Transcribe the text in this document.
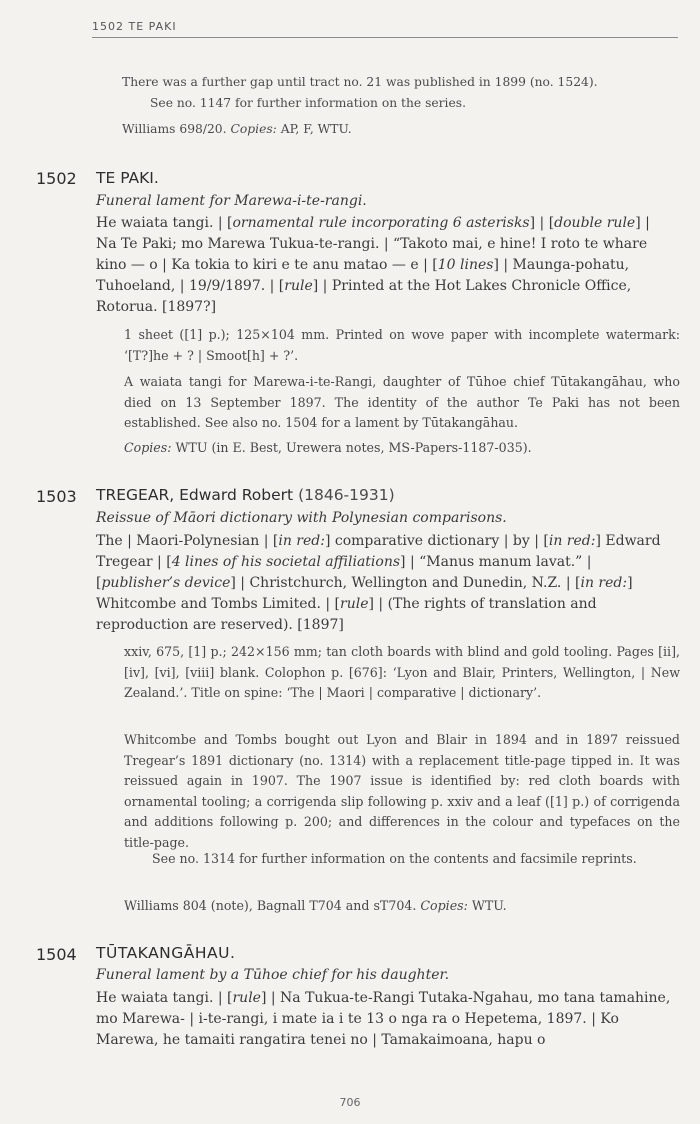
1502 TE PAKI
There was a further gap until tract no. 21 was published in 1899 (no. 1524).
See no. 1147 for further information on the series.
Williams 698/20. Copies: AP, F, WTU.
1502 TE PAKI.
Funeral lament for Marewa-i-te-rangi.
He waiata tangi. | [ornamental rule incorporating 6 asterisks] | [double rule] | Na Te Paki; mo Marewa Tukua-te-rangi. | “Takoto mai, e hine! I roto te whare kino — o | Ka tokia to kiri e te anu matao — e | [10 lines] | Maunga-pohatu, Tuhoeland, | 19/9/1897. | [rule] | Printed at the Hot Lakes Chronicle Office, Rotorua. [1897?]
1 sheet ([1] p.); 125×104 mm. Printed on wove paper with incomplete watermark: ‘[T?]he + ? | Smoot[h] + ?’.
A waiata tangi for Marewa-i-te-Rangi, daughter of Tūhoe chief Tūtakangāhau, who died on 13 September 1897. The identity of the author Te Paki has not been established. See also no. 1504 for a lament by Tūtakangāhau.
Copies: WTU (in E. Best, Urewera notes, MS-Papers-1187-035).
1503 TREGEAR, Edward Robert (1846-1931)
Reissue of Māori dictionary with Polynesian comparisons.
The | Maori-Polynesian | [in red:] comparative dictionary | by | [in red:] Edward Tregear | [4 lines of his societal affiliations] | “Manus manum lavat.” | [publisher’s device] | Christchurch, Wellington and Dunedin, N.Z. | [in red:] Whitcombe and Tombs Limited. | [rule] | (The rights of translation and reproduction are reserved). [1897]
xxiv, 675, [1] p.; 242×156 mm; tan cloth boards with blind and gold tooling. Pages [ii], [iv], [vi], [viii] blank. Colophon p. [676]: ‘Lyon and Blair, Printers, Wellington, | New Zealand.’. Title on spine: ‘The | Maori | comparative | dictionary’.
Whitcombe and Tombs bought out Lyon and Blair in 1894 and in 1897 reissued Tregear’s 1891 dictionary (no. 1314) with a replacement title-page tipped in. It was reissued again in 1907. The 1907 issue is identified by: red cloth boards with ornamental tooling; a corrigenda slip following p. xxiv and a leaf ([1] p.) of corrigenda and additions following p. 200; and differences in the colour and typefaces on the title-page.
See no. 1314 for further information on the contents and facsimile reprints.
Williams 804 (note), Bagnall T704 and sT704. Copies: WTU.
1504 TŪTAKANGĀHAU.
Funeral lament by a Tūhoe chief for his daughter.
He waiata tangi. | [rule] | Na Tukua-te-Rangi Tutaka-Ngahau, mo tana tamahine, mo Marewa- | i-te-rangi, i mate ia i te 13 o nga ra o Hepetema, 1897. | Ko Marewa, he tamaiti rangatira tenei no | Tamakaimoana, hapu o
706
